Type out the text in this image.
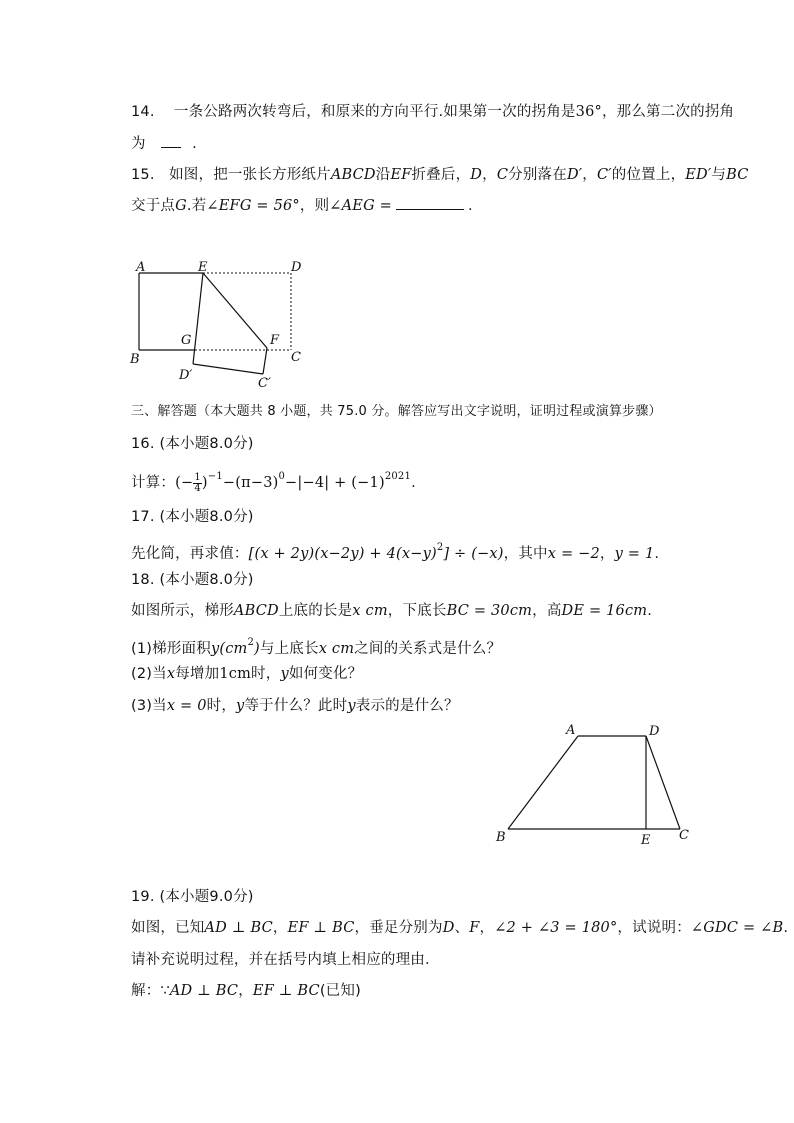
14. 一条公路两次转弯后，和原来的方向平行.如果第一次的拐角是36°，那么第二次的拐角
为	.
15. 如图，把一张长方形纸片ABCD沿EF折叠后，D，C分别落在D′，C′的位置上，ED′与BC
交于点G.若∠EFG = 56°，则∠AEG =	.
A	E	D
G	F
B	C
D′
C′
三、解答题（本大题共 8 小题，共 75.0 分。解答应写出文字说明，证明过程或演算步骤）
16. (本小题8.0分)
计算：(− $\frac{1}{4} )^{-1}-(\pi-3)^0-|-4| + (-1)^{2021}$.
17. (本小题8.0分)
先化简，再求值：$[(x + 2y)(x-2y) + 4(x-y)^2] \div (-x)$，其中x = −2，y = 1.
18. (本小题8.0分)
如图所示，梯形ABCD上底的长是x cm，下底长BC = 30cm，高DE = 16cm.
(1)梯形面积$y(cm^2)$与上底长x cm之间的关系式是什么？
(2)当x每增加1cm时，y如何变化？
(3)当x = 0时，y等于什么？此时y表示的是什么？
A	D
B	E C
19. (本小题9.0分)
如图，已知AD ⊥ BC，EF ⊥ BC，垂足分别为D、F，∠2 + ∠3 = 180°，试说明：∠GDC = ∠B.
请补充说明过程，并在括号内填上相应的理由．
解：∵AD ⊥ BC，EF ⊥ BC(已知)
